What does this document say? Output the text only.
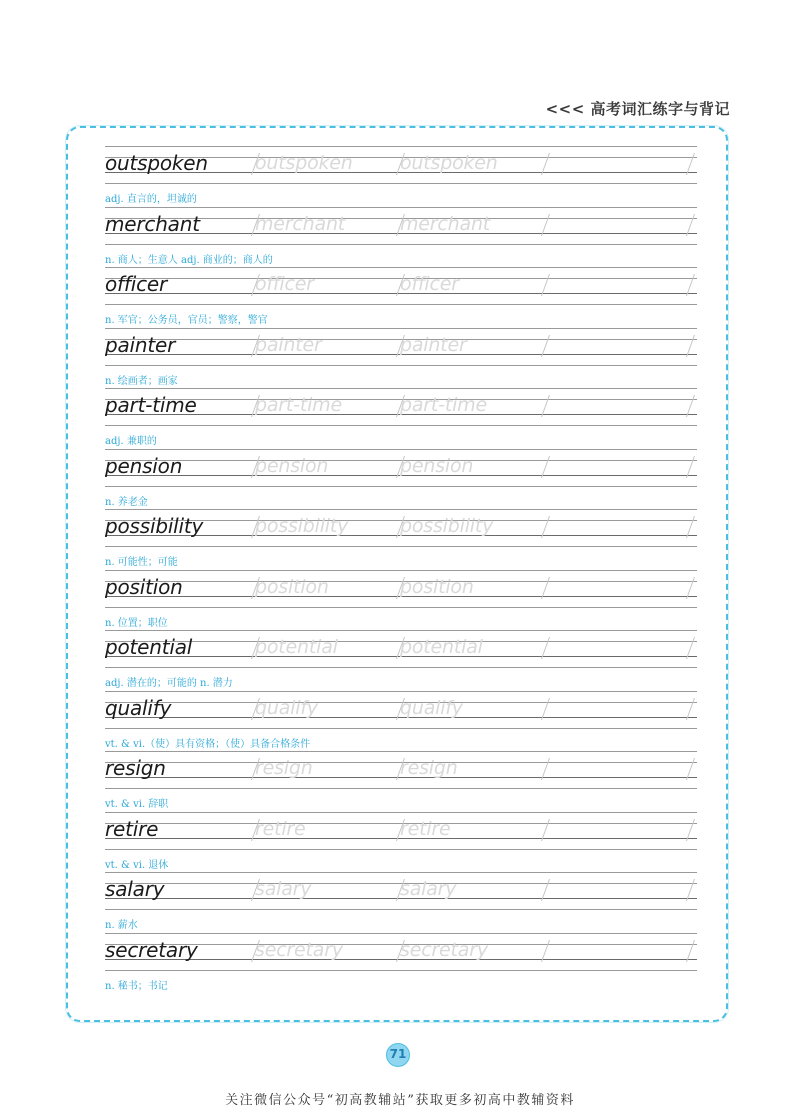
<<< 高考词汇练字与背记
outspoken outspoken outspoken
adj. 直言的，坦诚的
merchant	merchant	merchant
n. 商人；生意人 adj. 商业的；商人的
officer	officer	officer
n. 军官；公务员，官员；警察，警官
painter	painter	painter
n. 绘画者；画家
part-time	part-time	part-time
adj. 兼职的
pension	pension	pension
n. 养老金
possibility	possibility	possibility
n. 可能性；可能
position	position	position
n. 位置；职位
potential	potential	potential
adj. 潜在的；可能的 n. 潜力
qualify	qualify	qualify
vt. & vi.（使）具有资格；（使）具备合格条件
resign	resign	resign
vt. & vi. 辞职
retire	retire	retire
vt. & vi. 退休
salary	salary	salary
n. 薪水
secretary	secretary	secretary
n. 秘书；书记
71
关注微信公众号“初高教辅站”获取更多初高中教辅资料
